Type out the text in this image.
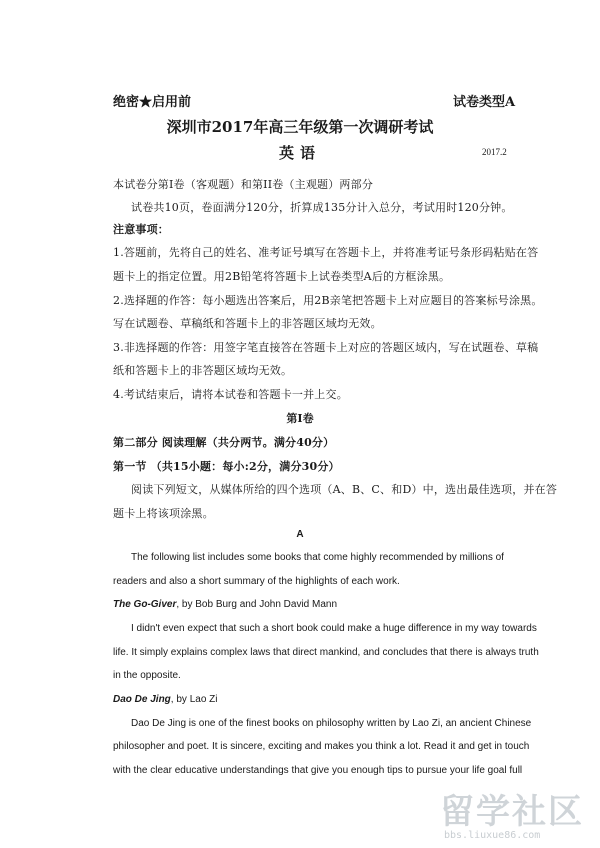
绝密★启用前	试卷类型A
深圳市2017年高三年级第一次调研考试
英语	2017.2
本试卷分第I卷（客观题）和第II卷（主观题）两部分
试卷共10页，卷面满分120分，折算成135分计入总分，考试用时120分钟。
注意事项：
1.答题前，先将自己的姓名、准考证号填写在答题卡上，并将准考证号条形码粘贴在答
题卡上的指定位置。用2B铅笔将答题卡上试卷类型A后的方框涂黑。
2.选择题的作答：每小题选出答案后，用2B亲笔把答题卡上对应题目的答案标号涂黑。
写在试题卷、草稿纸和答题卡上的非答题区域均无效。
3.非选择题的作答：用签字笔直接答在答题卡上对应的答题区域内，写在试题卷、草稿
纸和答题卡上的非答题区域均无效。
4.考试结束后，请将本试卷和答题卡一并上交。
第I卷
第二部分 阅读理解（共分两节。满分40分）
第一节 （共15小题：每小:2分，满分30分）
阅读下列短文，从媒体所给的四个选项（A、B、C、和D）中，选出最佳选项，并在答
题卡上将该项涂黑。
A
The following list includes some books that come highly recommended by millions of
readers and also a short summary of the highlights of each work.
The Go-Giver, by Bob Burg and John David Mann
I didn't even expect that such a short book could make a huge difference in my way towards
life. It simply explains complex laws that direct mankind, and concludes that there is always truth
in the opposite.
Dao De Jing, by Lao Zi
Dao De Jing is one of the finest books on philosophy written by Lao Zi, an ancient Chinese
philosopher and poet. It is sincere, exciting and makes you think a lot. Read it and get in touch
with the clear educative understandings that give you enough tips to pursue your life goal full
留学社区
bbs.liuxue86.com
